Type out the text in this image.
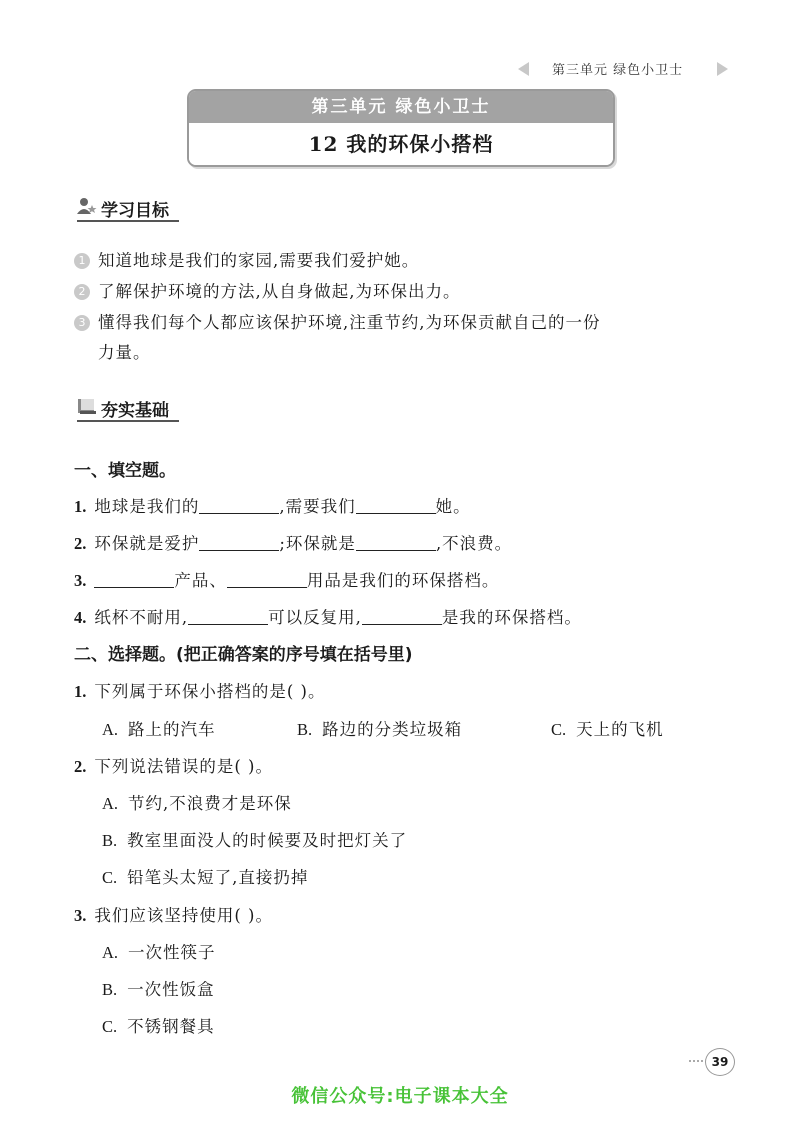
第三单元 绿色小卫士
第三单元 绿色小卫士
12 我的环保小搭档
学习目标
1 知道地球是我们的家园,需要我们爱护她。
2 了解保护环境的方法,从自身做起,为环保出力。
3 懂得我们每个人都应该保护环境,注重节约,为环保贡献自己的一份
力量。
夯实基础
一、填空题。
1. 地球是我们的	,需要我们	她。
2. 环保就是爱护	;环保就是	,不浪费。
3.	产品、	用品是我们的环保搭档。
4. 纸杯不耐用,	可以反复用,	是我的环保搭档。
二、选择题。(把正确答案的序号填在括号里)
1. 下列属于环保小搭档的是( )。
A. 路上的汽车	B. 路边的分类垃圾箱	C. 天上的飞机
2. 下列说法错误的是( )。
A. 节约,不浪费才是环保
B. 教室里面没人的时候要及时把灯关了
C. 铅笔头太短了,直接扔掉
3. 我们应该坚持使用( )。
A. 一次性筷子
B. 一次性饭盒
C. 不锈钢餐具
39
微信公众号:电子课本大全
